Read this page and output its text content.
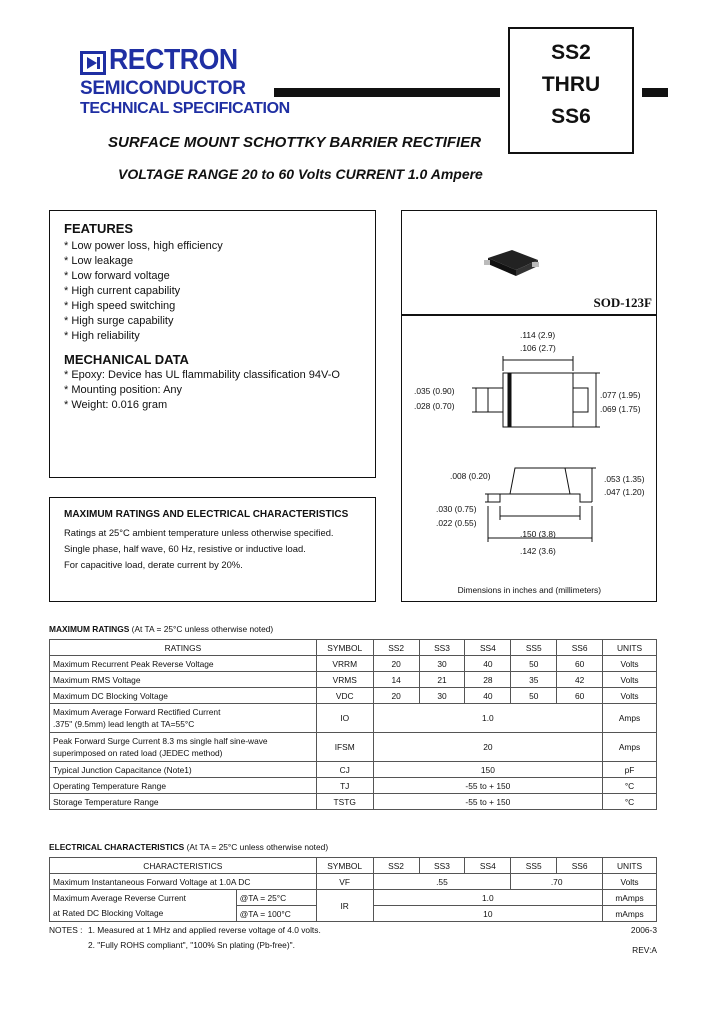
RECTRON
SEMICONDUCTOR
TECHNICAL SPECIFICATION
SS2
THRU
SS6
SURFACE MOUNT SCHOTTKY BARRIER RECTIFIER
VOLTAGE RANGE 20 to 60 Volts CURRENT 1.0 Ampere
FEATURES
* Low power loss, high efficiency
* Low leakage
* Low forward voltage
* High current capability
* High speed switching
* High surge capability
* High reliability
MECHANICAL DATA
* Epoxy: Device has UL flammability classification 94V-O
* Mounting position: Any
* Weight: 0.016 gram
SOD-123F
.114 (2.9)
.106 (2.7)
.035 (0.90)
.028 (0.70)
.077 (1.95)
.069 (1.75)
.008 (0.20)	.053 (1.35)
.047 (1.20)
.030 (0.75)
.022 (0.55)
.150 (3.8)
.142 (3.6)
Dimensions in inches and (millimeters)
MAXIMUM RATINGS AND ELECTRICAL CHARACTERISTICS
Ratings at 25°C ambient temperature unless otherwise specified.
Single phase, half wave, 60 Hz, resistive or inductive load.
For capacitive load, derate current by 20%.
MAXIMUM RATINGS (At TA = 25°C unless otherwise noted)
RATINGS	SYMBOL	SS2	SS3	SS4	SS5	SS6	UNITS
Maximum Recurrent Peak Reverse Voltage	VRRM	20	30	40	50	60	Volts
Maximum RMS Voltage	VRMS	14	21	28	35	42	Volts
Maximum DC Blocking Voltage	VDC	20	30	40	50	60	Volts

Maximum Average Forward Rectified Current
.375" (9.5mm) lead length at TA=55°C	IO	1.0					Amps

Peak Forward Surge Current 8.3 ms single half sine-wave
superimposed on rated load (JEDEC method)	IFSM	20					Amps
Typical Junction Capacitance (Note1)	CJ	150					pF
Operating Temperature Range	TJ	-55 to + 150					°C
Storage Temperature Range	TSTG	-55 to + 150					°C
ELECTRICAL CHARACTERISTICS (At TA = 25°C unless otherwise noted)
CHARACTERISTICS		SYMBOL	SS2	SS3	SS4	SS5	SS6	UNITS
Maximum Instantaneous Forward Voltage at 1.0A DC		VF	.55			.70		Volts

Maximum Average Reverse Current
at Rated DC Blocking Voltage	@TA = 25°C	IR	1.0					mAmps
	@TA = 100°C		10					mAmps
NOTES : 1. Measured at 1 MHz and applied reverse voltage of 4.0 volts.
2. "Fully ROHS compliant", "100% Sn plating (Pb-free)".
2006-3
REV:A
